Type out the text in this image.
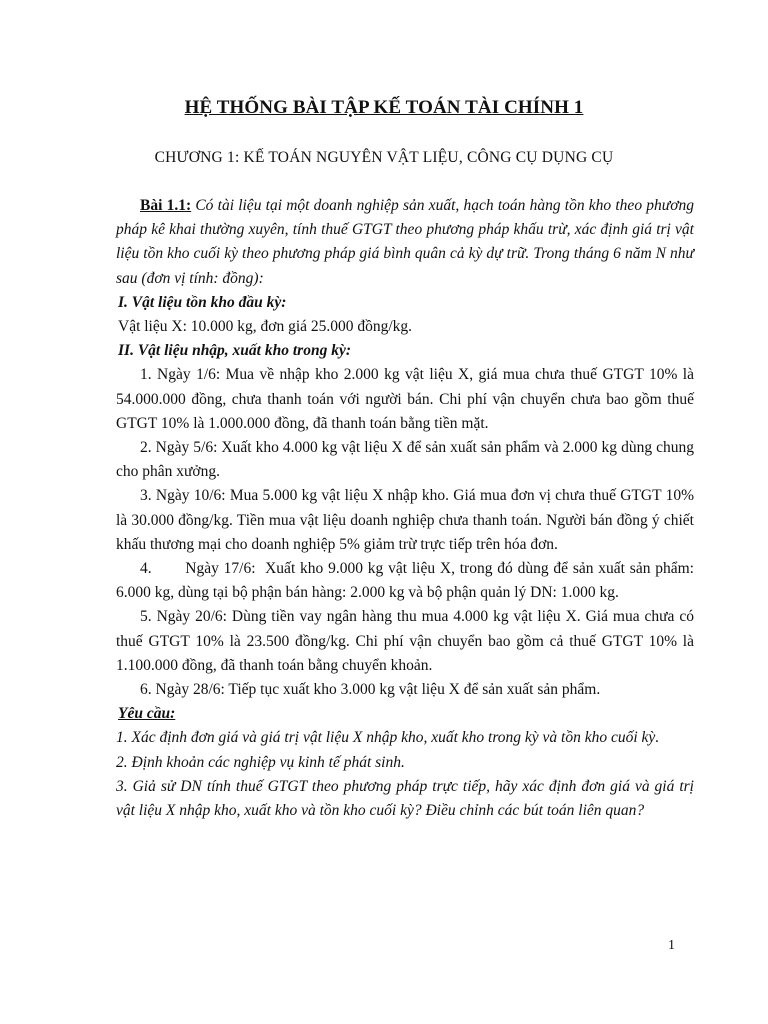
HỆ THỐNG BÀI TẬP KẾ TOÁN TÀI CHÍNH 1
CHƯƠNG 1: KẾ TOÁN NGUYÊN VẬT LIỆU, CÔNG CỤ DỤNG CỤ

Bài 1.1: Có tài liệu tại một doanh nghiệp sản xuất, hạch toán hàng tồn kho theo phương pháp kê khai thường xuyên, tính thuế GTGT theo phương pháp khấu trừ, xác định giá trị vật liệu tồn kho cuối kỳ theo phương pháp giá bình quân cả kỳ dự trữ. Trong tháng 6 năm N như sau (đơn vị tính: đồng):

I. Vật liệu tồn kho đầu kỳ:

Vật liệu X: 10.000 kg, đơn giá 25.000 đồng/kg.

II. Vật liệu nhập, xuất kho trong kỳ:

1. Ngày 1/6: Mua về nhập kho 2.000 kg vật liệu X, giá mua chưa thuế GTGT 10% là 54.000.000 đồng, chưa thanh toán với người bán. Chi phí vận chuyển chưa bao gồm thuế GTGT 10% là 1.000.000 đồng, đã thanh toán bằng tiền mặt.

2. Ngày 5/6: Xuất kho 4.000 kg vật liệu X để sản xuất sản phẩm và 2.000 kg dùng chung cho phân xưởng.

3. Ngày 10/6: Mua 5.000 kg vật liệu X nhập kho. Giá mua đơn vị chưa thuế GTGT 10% là 30.000 đồng/kg. Tiền mua vật liệu doanh nghiệp chưa thanh toán. Người bán đồng ý chiết khấu thương mại cho doanh nghiệp 5% giảm trừ trực tiếp trên hóa đơn.

4.       Ngày 17/6:  Xuất kho 9.000 kg vật liệu X, trong đó dùng để sản xuất sản phẩm: 6.000 kg, dùng tại bộ phận bán hàng: 2.000 kg và bộ phận quản lý DN: 1.000 kg.

5. Ngày 20/6: Dùng tiền vay ngân hàng thu mua 4.000 kg vật liệu X. Giá mua chưa có thuế GTGT 10% là 23.500 đồng/kg. Chi phí vận chuyển bao gồm cả thuế GTGT 10% là 1.100.000 đồng, đã thanh toán bằng chuyển khoản.

6. Ngày 28/6: Tiếp tục xuất kho 3.000 kg vật liệu X để sản xuất sản phẩm.

Yêu cầu:

1. Xác định đơn giá và giá trị vật liệu X nhập kho, xuất kho trong kỳ và tồn kho cuối kỳ.

2. Định khoản các nghiệp vụ kinh tế phát sinh.

3. Giả sử DN tính thuế GTGT theo phương pháp trực tiếp, hãy xác định đơn giá và giá trị vật liệu X nhập kho, xuất kho và tồn kho cuối kỳ? Điều chỉnh các bút toán liên quan?

1
